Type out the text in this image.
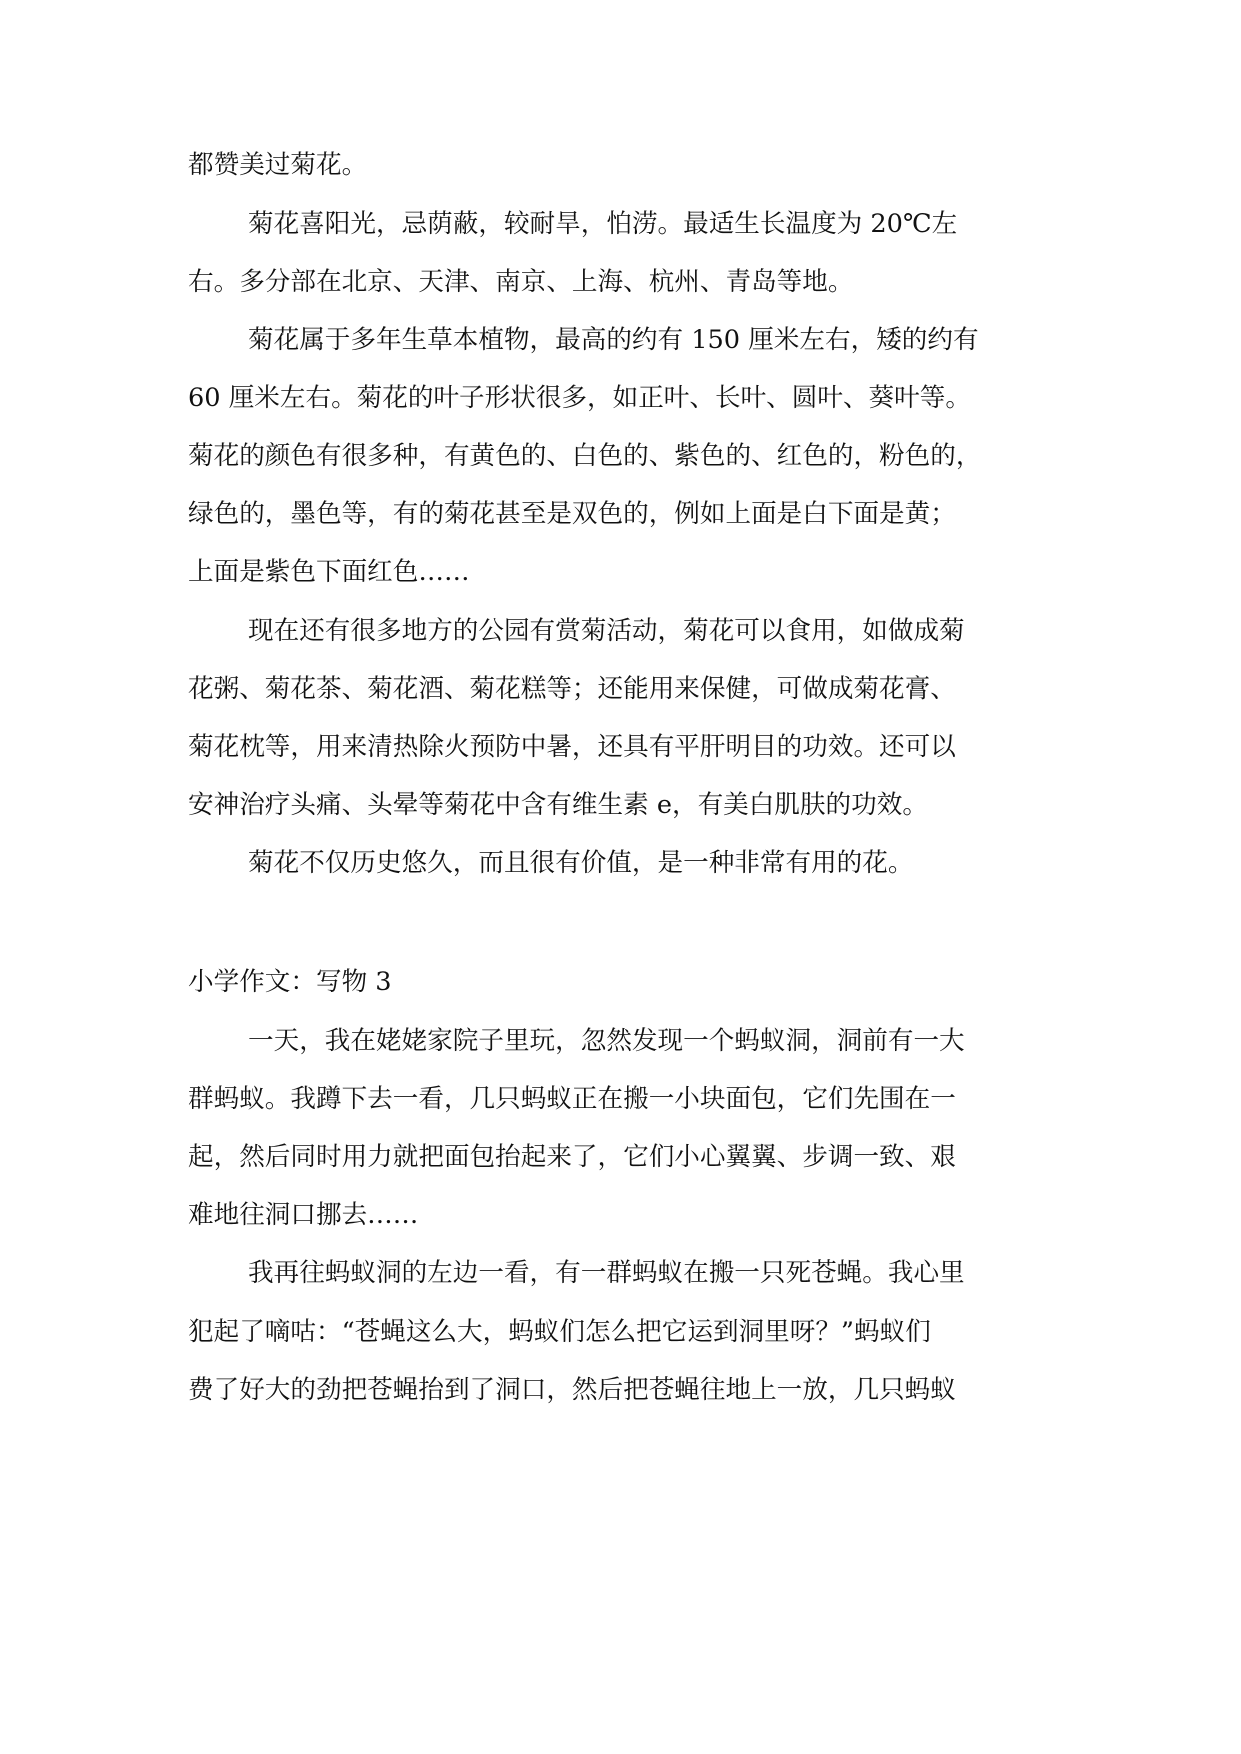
都赞美过菊花。
菊花喜阳光，忌荫蔽，较耐旱，怕涝。最适生长温度为 20℃左
右。多分部在北京、天津、南京、上海、杭州、青岛等地。
菊花属于多年生草本植物，最高的约有 150 厘米左右，矮的约有
60 厘米左右。菊花的叶子形状很多，如正叶、长叶、圆叶、葵叶等。
菊花的颜色有很多种，有黄色的、白色的、紫色的、红色的，粉色的，
绿色的，墨色等，有的菊花甚至是双色的，例如上面是白下面是黄；
上面是紫色下面红色……
现在还有很多地方的公园有赏菊活动，菊花可以食用，如做成菊
花粥、菊花茶、菊花酒、菊花糕等；还能用来保健，可做成菊花膏、
菊花枕等，用来清热除火预防中暑，还具有平肝明目的功效。还可以
安神治疗头痛、头晕等菊花中含有维生素 e，有美白肌肤的功效。
菊花不仅历史悠久，而且很有价值，是一种非常有用的花。
小学作文：写物 3
一天，我在姥姥家院子里玩，忽然发现一个蚂蚁洞，洞前有一大
群蚂蚁。我蹲下去一看，几只蚂蚁正在搬一小块面包，它们先围在一
起，然后同时用力就把面包抬起来了，它们小心翼翼、步调一致、艰
难地往洞口挪去……
我再往蚂蚁洞的左边一看，有一群蚂蚁在搬一只死苍蝇。我心里
犯起了嘀咕：“苍蝇这么大，蚂蚁们怎么把它运到洞里呀？”蚂蚁们
费了好大的劲把苍蝇抬到了洞口，然后把苍蝇往地上一放，几只蚂蚁
